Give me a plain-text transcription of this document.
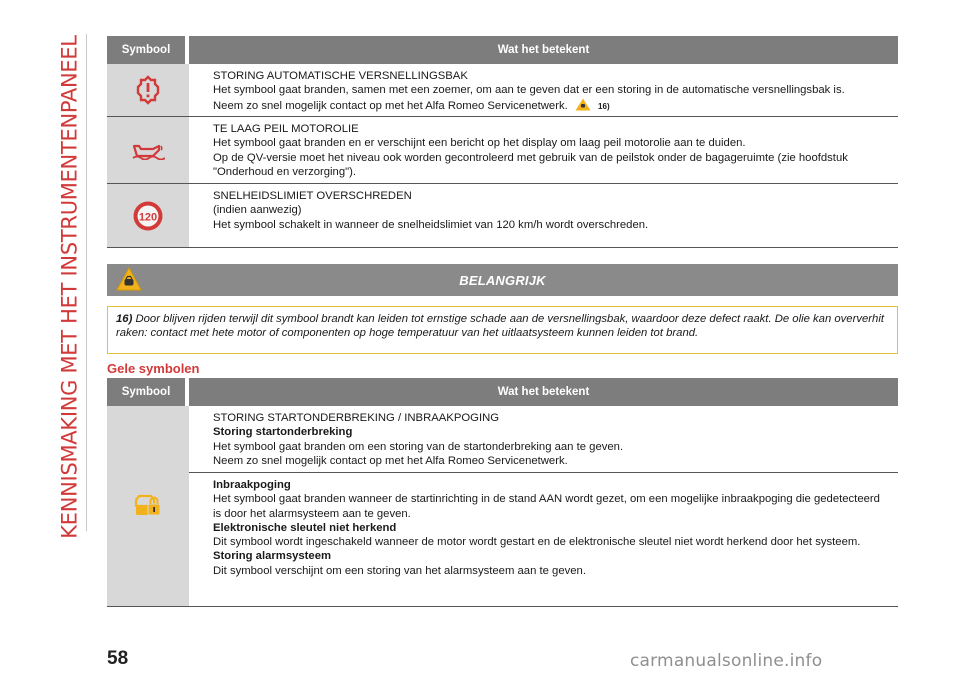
KENNISMAKING MET HET INSTRUMENTENPANEEL	Symbool	Wat het betekent

STORING AUTOMATISCHE VERSNELLINGSBAK

Het symbool gaat branden, samen met een zoemer, om aan te geven dat er een storing in de automatische versnellingsbak is.

Neem zo snel mogelijk contact op met het Alfa Romeo Servicenetwerk.	16)

TE LAAG PEIL MOTOROLIE

Het symbool gaat branden en er verschijnt een bericht op het display om laag peil motorolie aan te duiden.

Op de QV-versie moet het niveau ook worden gecontroleerd met gebruik van de peilstok onder de bagageruimte (zie hoofdstuk "Onderhoud en verzorging").

120

SNELHEIDSLIMIET OVERSCHREDEN

(indien aanwezig)

Het symbool schakelt in wanneer de snelheidslimiet van 120 km/h wordt overschreden.

BELANGRIJK
16) Door blijven rijden terwijl dit symbool brandt kan leiden tot ernstige schade aan de versnellingsbak, waardoor deze defect raakt. De olie kan oververhit raken: contact met hete motor of componenten op hoge temperatuur van het uitlaatsysteem kunnen leiden tot brand.
Gele symbolen
Symbool	Wat het betekent

STORING STARTONDERBREKING / INBRAAKPOGING

Storing startonderbreking

Het symbool gaat branden om een storing van de startonderbreking aan te geven.

Neem zo snel mogelijk contact op met het Alfa Romeo Servicenetwerk.

Inbraakpoging

Het symbool gaat branden wanneer de startinrichting in de stand AAN wordt gezet, om een mogelijke inbraakpoging die gedetecteerd is door het alarmsysteem aan te geven.

Elektronische sleutel niet herkend

Dit symbool wordt ingeschakeld wanneer de motor wordt gestart en de elektronische sleutel niet wordt herkend door het systeem.

Storing alarmsysteem

Dit symbool verschijnt om een storing van het alarmsysteem aan te geven.

58	carmanualsonline.info
